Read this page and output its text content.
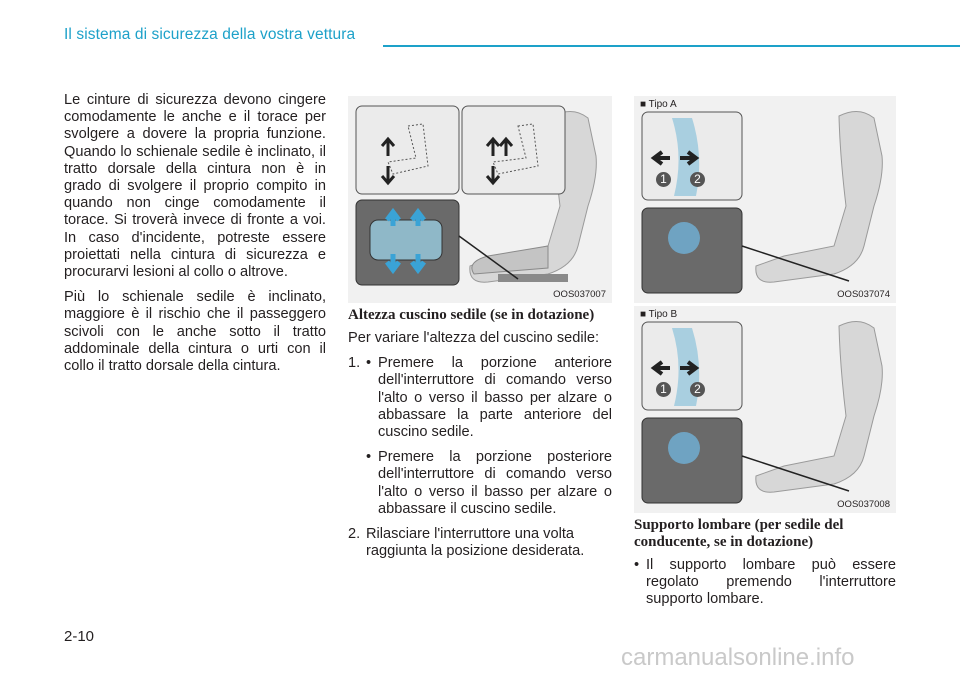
Il sistema di sicurezza della vostra vettura

Le cinture di sicurezza devono cingere comodamente le anche e il torace per svolgere a dovere la propria funzione. Quando lo schienale sedile è inclinato, il tratto dorsale della cintura non è in grado di svolgere il proprio compito in quando non cinge comodamente il torace. Si troverà invece di fronte a voi. In caso d'incidente, potreste essere proiettati nella cintura di sicurezza e procurarvi lesioni al collo o altrove.

Più lo schienale sedile è inclinato, maggiore è il rischio che il passeggero scivoli con le anche sotto il tratto addominale della cintura o urti con il collo il tratto dorsale della cintura.

OOS037007
Altezza cuscino sedile (se in dotazione)

Per variare l'altezza del cuscino sedile:

1. • Premere la porzione anteriore dell'interruttore di comando verso l'alto o verso il basso per alzare o abbassare la parte anteriore del cuscino sedile.
• Premere la porzione posteriore dell'interruttore di comando verso l'alto o verso il basso per alzare o abbassare il cuscino sedile.
2. Rilasciare l'interruttore una volta raggiunta la posizione desiderata.
■ Tipo A
1	2
OOS037074
■ Tipo B
1	2
OOS037008
Supporto lombare (per sedile del conducente, se in dotazione)
• Il supporto lombare può essere regolato premendo l'interruttore supporto lombare.
2-10
carmanualsonline.info
